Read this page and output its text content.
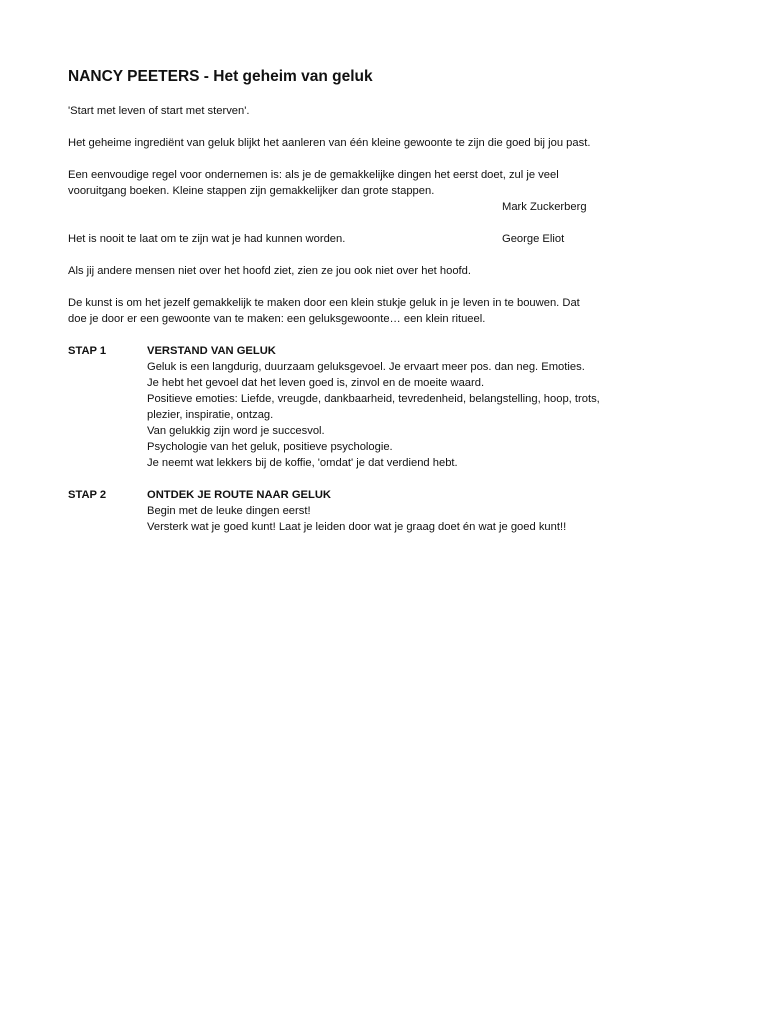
NANCY PEETERS - Het geheim van geluk
'Start met leven of start met sterven'.
Het geheime ingrediënt van geluk blijkt het aanleren van één kleine gewoonte te zijn die goed bij jou past.
Een eenvoudige regel voor ondernemen is: als je de gemakkelijke dingen het eerst doet, zul je veel
vooruitgang boeken. Kleine stappen zijn gemakkelijker dan grote stappen.
Mark Zuckerberg
Het is nooit te laat om te zijn wat je had kunnen worden.	George Eliot
Als jij andere mensen niet over het hoofd ziet, zien ze jou ook niet over het hoofd.
De kunst is om het jezelf gemakkelijk te maken door een klein stukje geluk in je leven in te bouwen. Dat
doe je door er een gewoonte van te maken: een geluksgewoonte… een klein ritueel.
STAP 1	VERSTAND VAN GELUK
Geluk is een langdurig, duurzaam geluksgevoel. Je ervaart meer pos. dan neg. Emoties.
Je hebt het gevoel dat het leven goed is, zinvol en de moeite waard.
Positieve emoties: Liefde, vreugde, dankbaarheid, tevredenheid, belangstelling, hoop, trots,
plezier, inspiratie, ontzag.
Van gelukkig zijn word je succesvol.
Psychologie van het geluk, positieve psychologie.
Je neemt wat lekkers bij de koffie, 'omdat' je dat verdiend hebt.
STAP 2	ONTDEK JE ROUTE NAAR GELUK
Begin met de leuke dingen eerst!
Versterk wat je goed kunt! Laat je leiden door wat je graag doet én wat je goed kunt!!
